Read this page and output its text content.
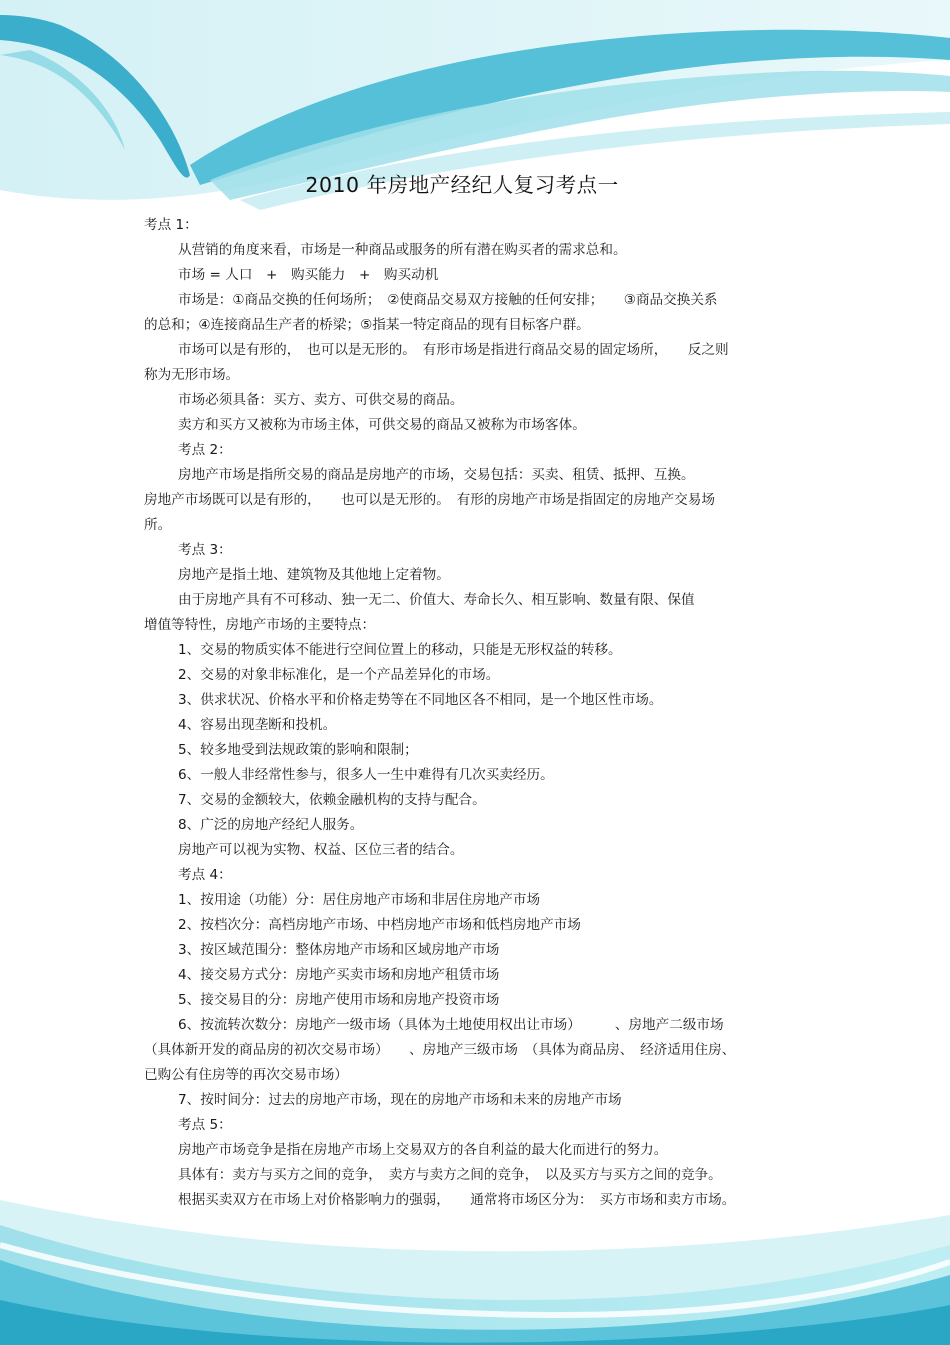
2010 年房地产经纪人复习考点一

考点 1：

从营销的角度来看，市场是一种商品或服务的所有潜在购买者的需求总和。

市场 = 人口　+　购买能力　+　购买动机

市场是：①商品交换的任何场所；　②使商品交易双方接触的任何安排；　　③商品交换关系

的总和；④连接商品生产者的桥梁；⑤指某一特定商品的现有目标客户群。

市场可以是有形的，　也可以是无形的。　有形市场是指进行商品交易的固定场所，　　反之则

称为无形市场。

市场必须具备：买方、卖方、可供交易的商品。

卖方和买方又被称为市场主体，可供交易的商品又被称为市场客体。

考点 2：

房地产市场是指所交易的商品是房地产的市场，交易包括：买卖、租赁、抵押、互换。

房地产市场既可以是有形的，　　也可以是无形的。　有形的房地产市场是指固定的房地产交易场

所。

考点 3：

房地产是指土地、建筑物及其他地上定着物。

由于房地产具有不可移动、独一无二、价值大、寿命长久、相互影响、数量有限、保值

增值等特性，房地产市场的主要特点：

1、交易的物质实体不能进行空间位置上的移动，只能是无形权益的转移。

2、交易的对象非标准化，是一个产品差异化的市场。

3、供求状况、价格水平和价格走势等在不同地区各不相同，是一个地区性市场。

4、容易出现垄断和投机。

5、较多地受到法规政策的影响和限制；

6、一般人非经常性参与，很多人一生中难得有几次买卖经历。

7、交易的金额较大，依赖金融机构的支持与配合。

8、广泛的房地产经纪人服务。

房地产可以视为实物、权益、区位三者的结合。

考点 4：

1、按用途（功能）分：居住房地产市场和非居住房地产市场

2、按档次分：高档房地产市场、中档房地产市场和低档房地产市场

3、按区域范围分：整体房地产市场和区域房地产市场

4、接交易方式分：房地产买卖市场和房地产租赁市场

5、接交易目的分：房地产使用市场和房地产投资市场

6、按流转次数分：房地产一级市场（具体为土地使用权出让市场）　　　、房地产二级市场

（具体新开发的商品房的初次交易市场）　　、房地产三级市场　（具体为商品房、　经济适用住房、

已购公有住房等的再次交易市场）

7、按时间分：过去的房地产市场，现在的房地产市场和未来的房地产市场

考点 5：

房地产市场竞争是指在房地产市场上交易双方的各自利益的最大化而进行的努力。

具体有：卖方与买方之间的竞争，　卖方与卖方之间的竞争，　以及买方与买方之间的竞争。

根据买卖双方在市场上对价格影响力的强弱，　　通常将市场区分为：　买方市场和卖方市场。
